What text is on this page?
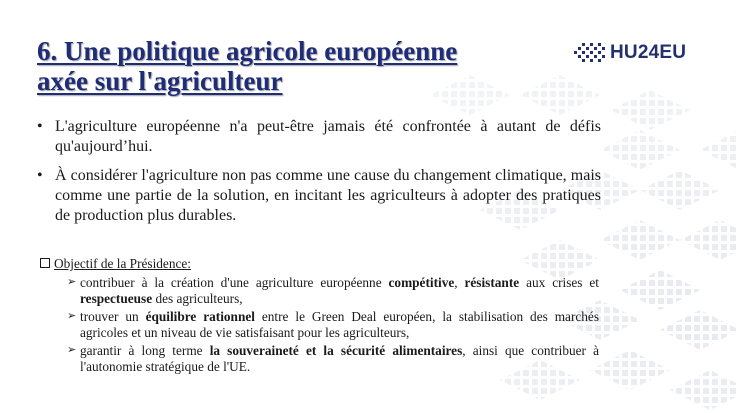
6. Une politique agricole européenne
axée sur l'agriculteur
HU24EU
• L'agriculture européenne n'a peut-être jamais été confrontée à autant de défis qu'aujourd’hui.
• À considérer l'agriculture non pas comme une cause du changement climatique, mais comme une partie de la solution, en incitant les agriculteurs à adopter des pratiques de production plus durables.
Objectif de la Présidence:
➢ contribuer à la création d'une agriculture européenne compétitive, résistante aux crises et respectueuse des agriculteurs,
➢ trouver un équilibre rationnel entre le Green Deal européen, la stabilisation des marchés agricoles et un niveau de vie satisfaisant pour les agriculteurs,
➢ garantir à long terme la souveraineté et la sécurité alimentaires, ainsi que contribuer à l'autonomie stratégique de l'UE.
